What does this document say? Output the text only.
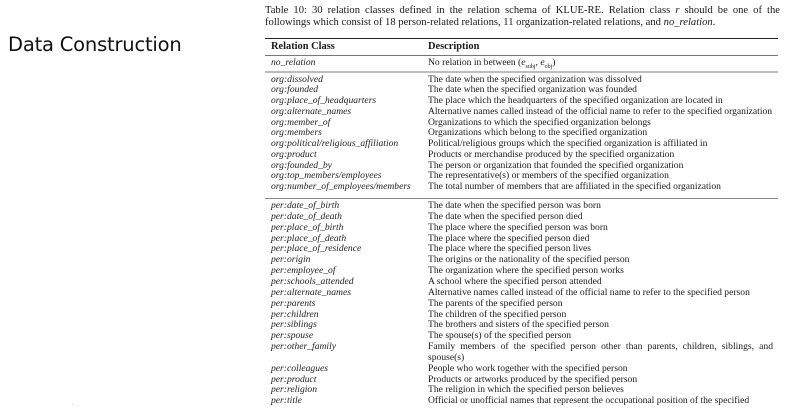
Data Construction
ᴵ· ·
Table 10: 30 relation classes defined in the relation schema of KLUE-RE. Relation class r should be one of the followings which consist of 18 person-related relations, 11 organization-related relations, and no_relation.
Relation Class	Description
no_relation	No relation in between ($e_{subj}$, $e_{obj}$)
org:dissolved	The date when the specified organization was dissolved
org:founded	The date when the specified organization was founded
org:place_of_headquarters	The place which the headquarters of the specified organization are located in
org:alternate_names	Alternative names called instead of the official name to refer to the specified organization
org:member_of	Organizations to which the specified organization belongs
org:members	Organizations which belong to the specified organization
org:political/religious_affiliation	Political/religious groups which the specified organization is affiliated in
org:product	Products or merchandise produced by the specified organization
org:founded_by	The person or organization that founded the specified organization
org:top_members/employees	The representative(s) or members of the specified organization
org:number_of_employees/members The total number of members that are affiliated in the specified organization
per:date_of_birth	The date when the specified person was born
per:date_of_death	The date when the specified person died
per:place_of_birth	The place where the specified person was born
per:place_of_death	The place where the specified person died
per:place_of_residence	The place where the specified person lives
per:origin	The origins or the nationality of the specified person
per:employee_of	The organization where the specified person works
per:schools_attended	A school where the specified person attended
per:alternate_names	Alternative names called instead of the official name to refer to the specified person
per:parents	The parents of the specified person
per:children	The children of the specified person
per:siblings	The brothers and sisters of the specified person
per:spouse	The spouse(s) of the specified person
per:other_family	Family members of the specified person other than parents, children, siblings, and spouse(s)
per:colleagues	People who work together with the specified person
per:product	Products or artworks produced by the specified person
per:religion	The religion in which the specified person believes
per:title	Official or unofficial names that represent the occupational position of the specified
